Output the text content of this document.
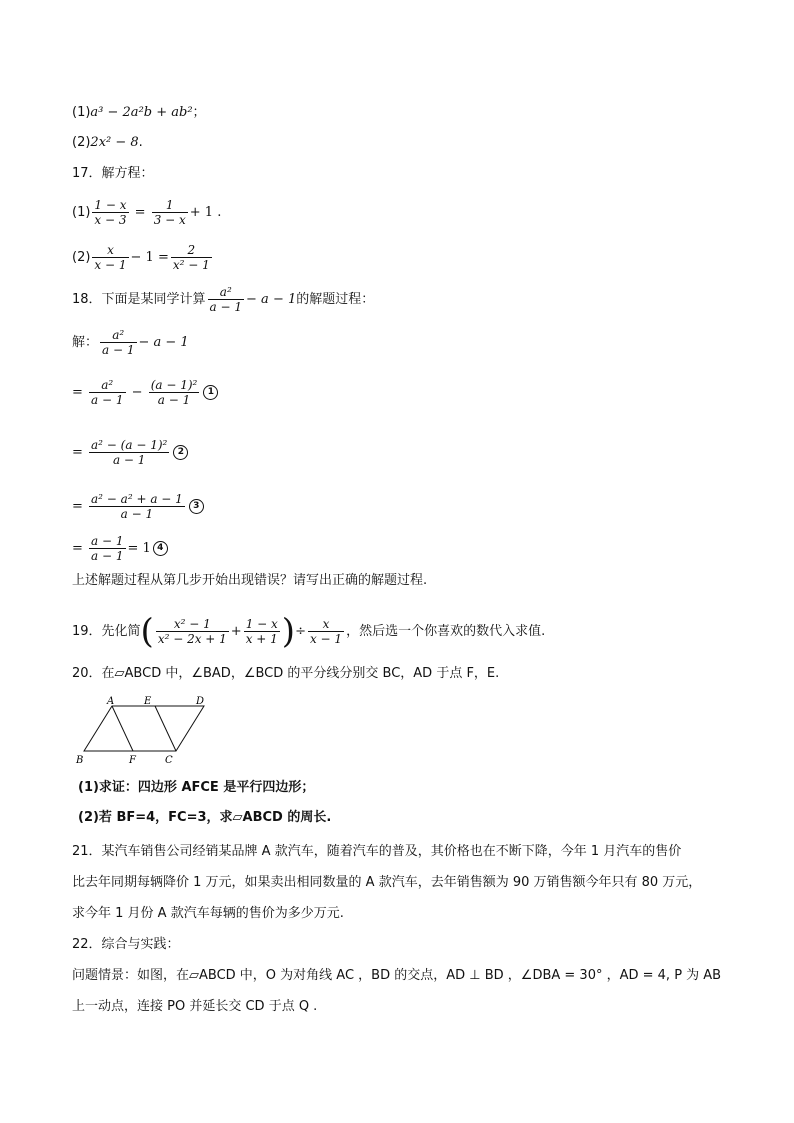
(1)a³ − 2a²b + ab²；
(2)2x² − 8.
17．解方程：
$(1) \frac{1 - x}{x - 3} = \frac{1}{3 - x} + 1$ .
$(2) \frac{x}{x - 1} - 1 = \frac{2}{\text{x² − 1}}$
18．下面是某同学计算 $\frac{\text{a²}}{a - 1} - a - 1$的解题过程：
解： $\frac{\text{a²}}{a - 1} - a - 1$
= $\frac{\text{a²}}{a - 1} - \frac{\text{(a − 1)²}}{a - 1} 1$
= $\frac{\text{a² − (a − 1)²}}{a - 1} 2$
= $\frac{\text{a² − a² + a − 1}}{a - 1} 3$
= $\frac{a - 1}{a - 1} = 1$ 4
上述解题过程从第几步开始出现错误？请写出正确的解题过程.
19．先化简( $\frac{\text{x² − 1}}{\text{x² − 2x + 1}} + \frac{1 - x}{x + 1}$ )÷ $\frac{x}{x - 1}$ ，然后选一个你喜欢的数代入求值.
20．在▱ABCD 中，∠BAD，∠BCD 的平分线分别交 BC，AD 于点 F，E.
A	E	D
B	F	C
(1)求证：四边形 AFCE 是平行四边形；
(2)若 BF=4，FC=3，求▱ABCD 的周长.
21．某汽车销售公司经销某品牌 A 款汽车，随着汽车的普及，其价格也在不断下降，今年 1 月汽车的售价
比去年同期每辆降价 1 万元，如果卖出相同数量的 A 款汽车，去年销售额为 90 万销售额今年只有 80 万元，
求今年 1 月份 A 款汽车每辆的售价为多少万元.
22．综合与实践：
问题情景：如图，在▱ABCD 中，O 为对角线 AC ，BD 的交点，AD ⊥ BD ，∠DBA = 30° ，AD = 4, P 为 AB
上一动点，连接 PO 并延长交 CD 于点 Q .
